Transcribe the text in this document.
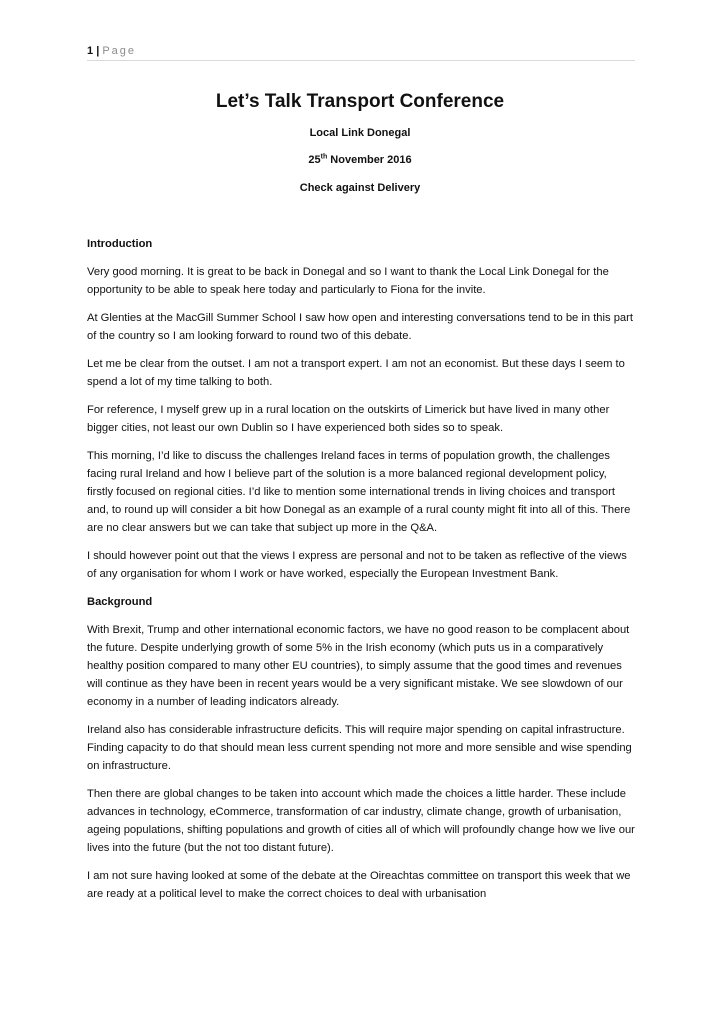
1 | Page
Let’s Talk Transport Conference
Local Link Donegal
25th November 2016
Check against Delivery
Introduction

Very good morning. It is great to be back in Donegal and so I want to thank the Local Link Donegal for the opportunity to be able to speak here today and particularly to Fiona for the invite.

At Glenties at the MacGill Summer School I saw how open and interesting conversations tend to be in this part of the country so I am looking forward to round two of this debate.

Let me be clear from the outset. I am not a transport expert. I am not an economist. But these days I seem to spend a lot of my time talking to both.

For reference, I myself grew up in a rural location on the outskirts of Limerick but have lived in many other bigger cities, not least our own Dublin so I have experienced both sides so to speak.

This morning, I’d like to discuss the challenges Ireland faces in terms of population growth, the challenges facing rural Ireland and how I believe part of the solution is a more balanced regional development policy, firstly focused on regional cities. I’d like to mention some international trends in living choices and transport and, to round up will consider a bit how Donegal as an example of a rural county might fit into all of this. There are no clear answers but we can take that subject up more in the Q&A.

I should however point out that the views I express are personal and not to be taken as reflective of the views of any organisation for whom I work or have worked, especially the European Investment Bank.

Background

With Brexit, Trump and other international economic factors, we have no good reason to be complacent about the future. Despite underlying growth of some 5% in the Irish economy (which puts us in a comparatively healthy position compared to many other EU countries), to simply assume that the good times and revenues will continue as they have been in recent years would be a very significant mistake. We see slowdown of our economy in a number of leading indicators already.

Ireland also has considerable infrastructure deficits. This will require major spending on capital infrastructure. Finding capacity to do that should mean less current spending not more and more sensible and wise spending on infrastructure.

Then there are global changes to be taken into account which made the choices a little harder. These include advances in technology, eCommerce, transformation of car industry, climate change, growth of urbanisation, ageing populations, shifting populations and growth of cities all of which will profoundly change how we live our lives into the future (but the not too distant future).

I am not sure having looked at some of the debate at the Oireachtas committee on transport this week that we are ready at a political level to make the correct choices to deal with urbanisation
